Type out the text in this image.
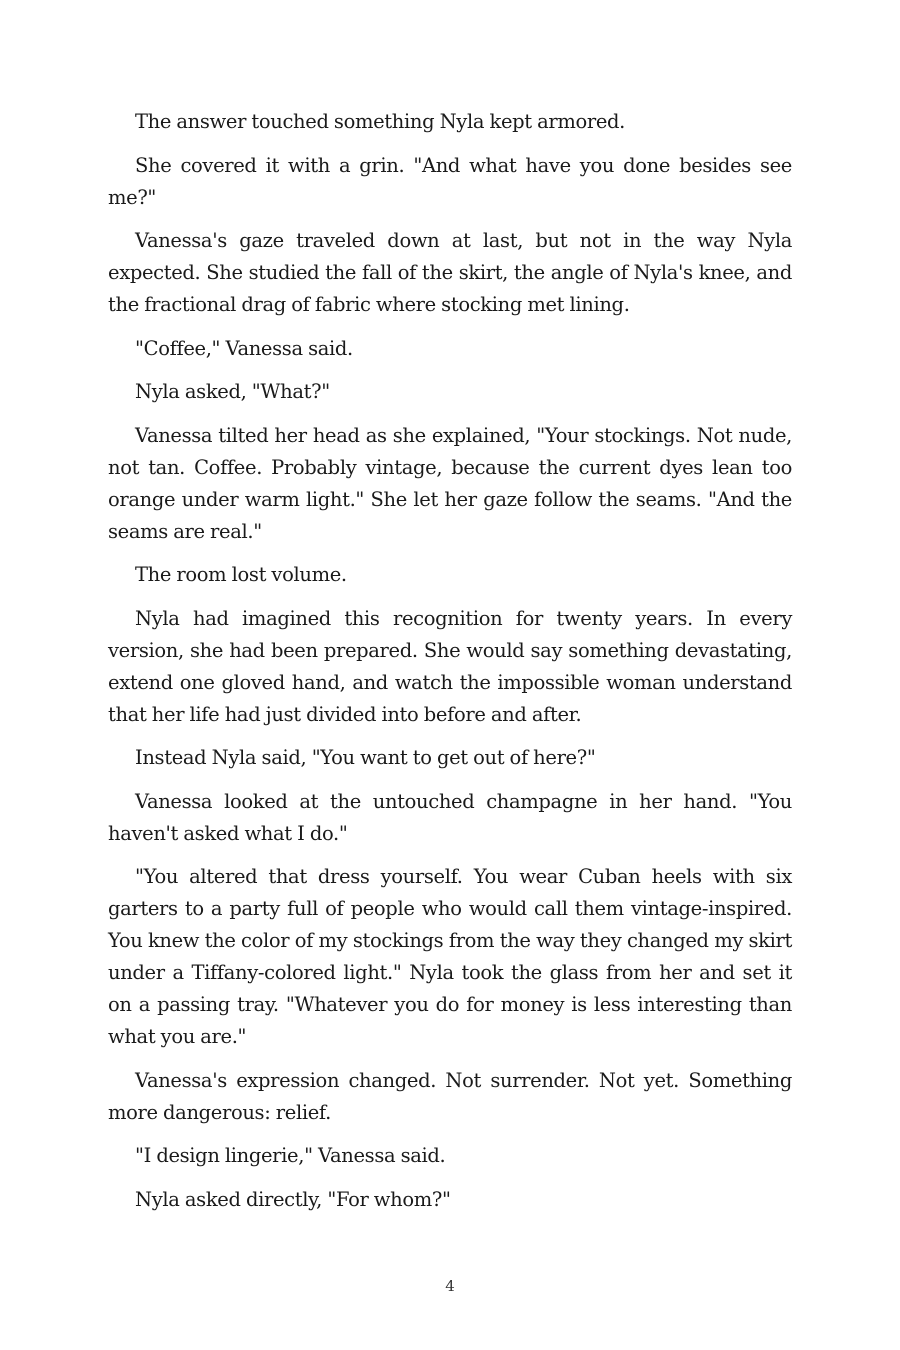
The answer touched something Nyla kept armored.

She covered it with a grin. "And what have you done besides see me?"

Vanessa's gaze traveled down at last, but not in the way Nyla expected. She studied the fall of the skirt, the angle of Nyla's knee, and the fractional drag of fabric where stocking met lining.

"Coffee," Vanessa said.

Nyla asked, "What?"

Vanessa tilted her head as she explained, "Your stockings. Not nude, not tan. Coffee. Probably vintage, because the current dyes lean too orange under warm light." She let her gaze follow the seams. "And the seams are real."

The room lost volume.

Nyla had imagined this recognition for twenty years. In every version, she had been prepared. She would say something devastating, extend one gloved hand, and watch the impossible woman understand that her life had just divided into before and after.

Instead Nyla said, "You want to get out of here?"

Vanessa looked at the untouched champagne in her hand. "You haven't asked what I do."

"You altered that dress yourself. You wear Cuban heels with six garters to a party full of people who would call them vintage-inspired. You knew the color of my stockings from the way they changed my skirt under a Tiffany-colored light." Nyla took the glass from her and set it on a passing tray. "Whatever you do for money is less interesting than what you are."

Vanessa's expression changed. Not surrender. Not yet. Something more dangerous: relief.

"I design lingerie," Vanessa said.

Nyla asked directly, "For whom?"

4
